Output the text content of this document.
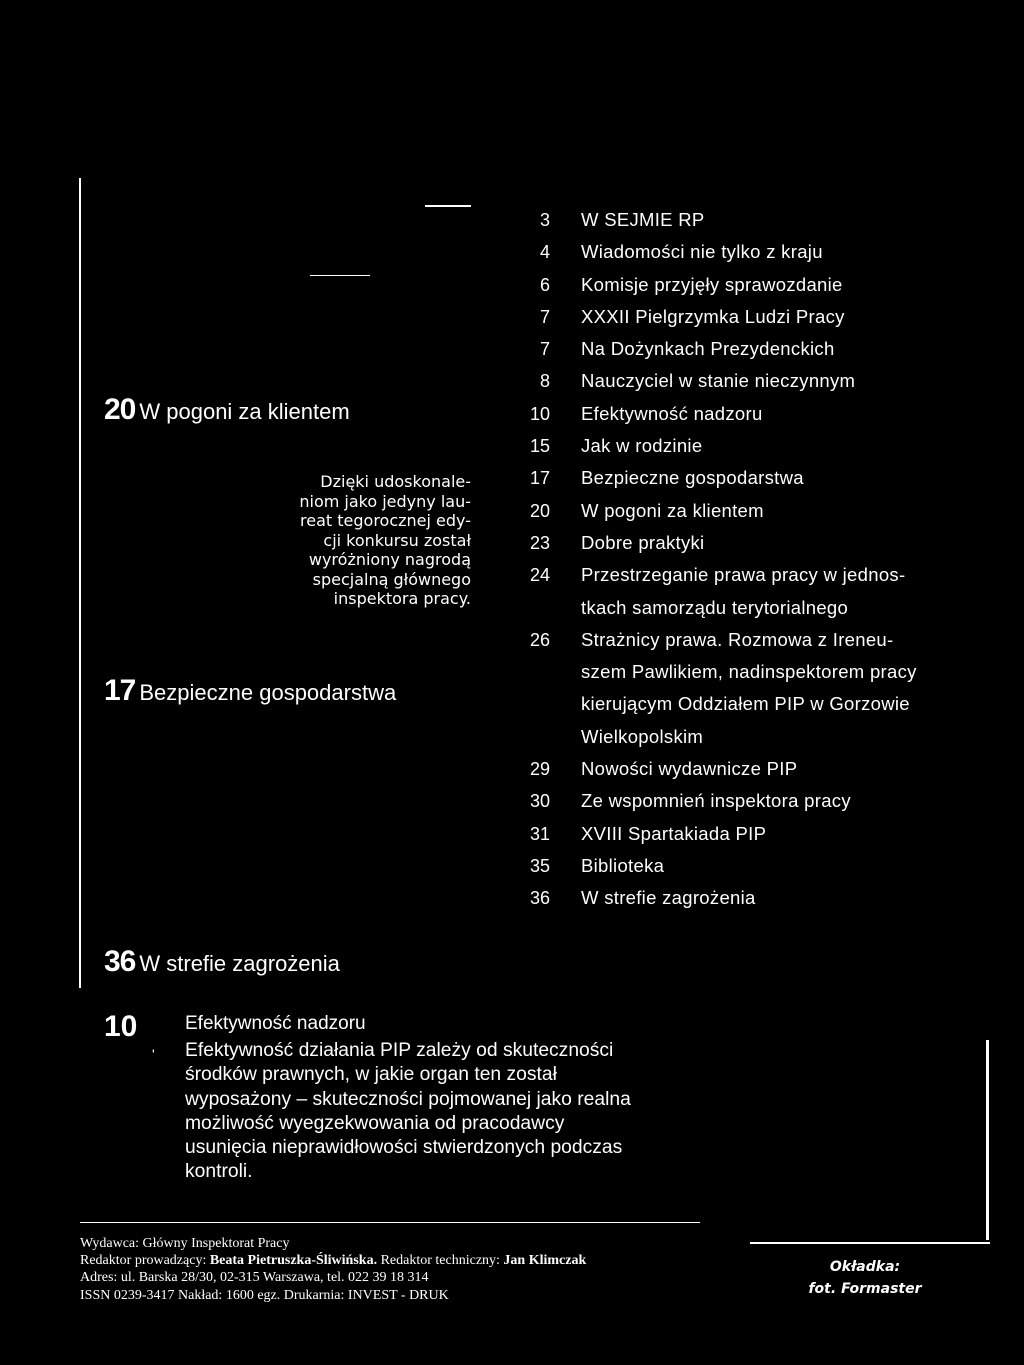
20 W pogoni za klientem
Dzięki udoskonale-
niom jako jedyny lau-
reat tegorocznej edy-
cji konkursu został
wyróżniony nagrodą
specjalną głównego
inspektora pracy.
17 Bezpieczne gospodarstwa
36 W strefie zagrożenia
3 W SEJMIE RP
4 Wiadomości nie tylko z kraju
6 Komisje przyjęły sprawozdanie
7 XXXII Pielgrzymka Ludzi Pracy
7 Na Dożynkach Prezydenckich
8 Nauczyciel w stanie nieczynnym
10 Efektywność nadzoru
15 Jak w rodzinie
17 Bezpieczne gospodarstwa
20 W pogoni za klientem
23 Dobre praktyki
24 Przestrzeganie prawa pracy w jednos-
tkach samorządu terytorialnego
26 Strażnicy prawa. Rozmowa z Ireneu-
szem Pawlikiem, nadinspektorem pracy
kierującym Oddziałem PIP w Gorzowie
Wielkopolskim
29 Nowości wydawnicze PIP
30 Ze wspomnień inspektora pracy
31 XVIII Spartakiada PIP
35 Biblioteka
36 W strefie zagrożenia
10
'
Efektywność nadzoru
Efektywność działania PIP zależy od skuteczności
środków prawnych, w jakie organ ten został
wyposażony – skuteczności pojmowanej jako realna
możliwość wyegzekwowania od pracodawcy
usunięcia nieprawidłowości stwierdzonych podczas
kontroli.
Wydawca: Główny Inspektorat Pracy
Redaktor prowadzący: Beata Pietruszka-Śliwińska. Redaktor techniczny: Jan Klimczak
Adres: ul. Barska 28/30, 02-315 Warszawa, tel. 022 39 18 314
ISSN 0239-3417 Nakład: 1600 egz. Drukarnia: INVEST - DRUK
Okładka:
fot. Formaster
